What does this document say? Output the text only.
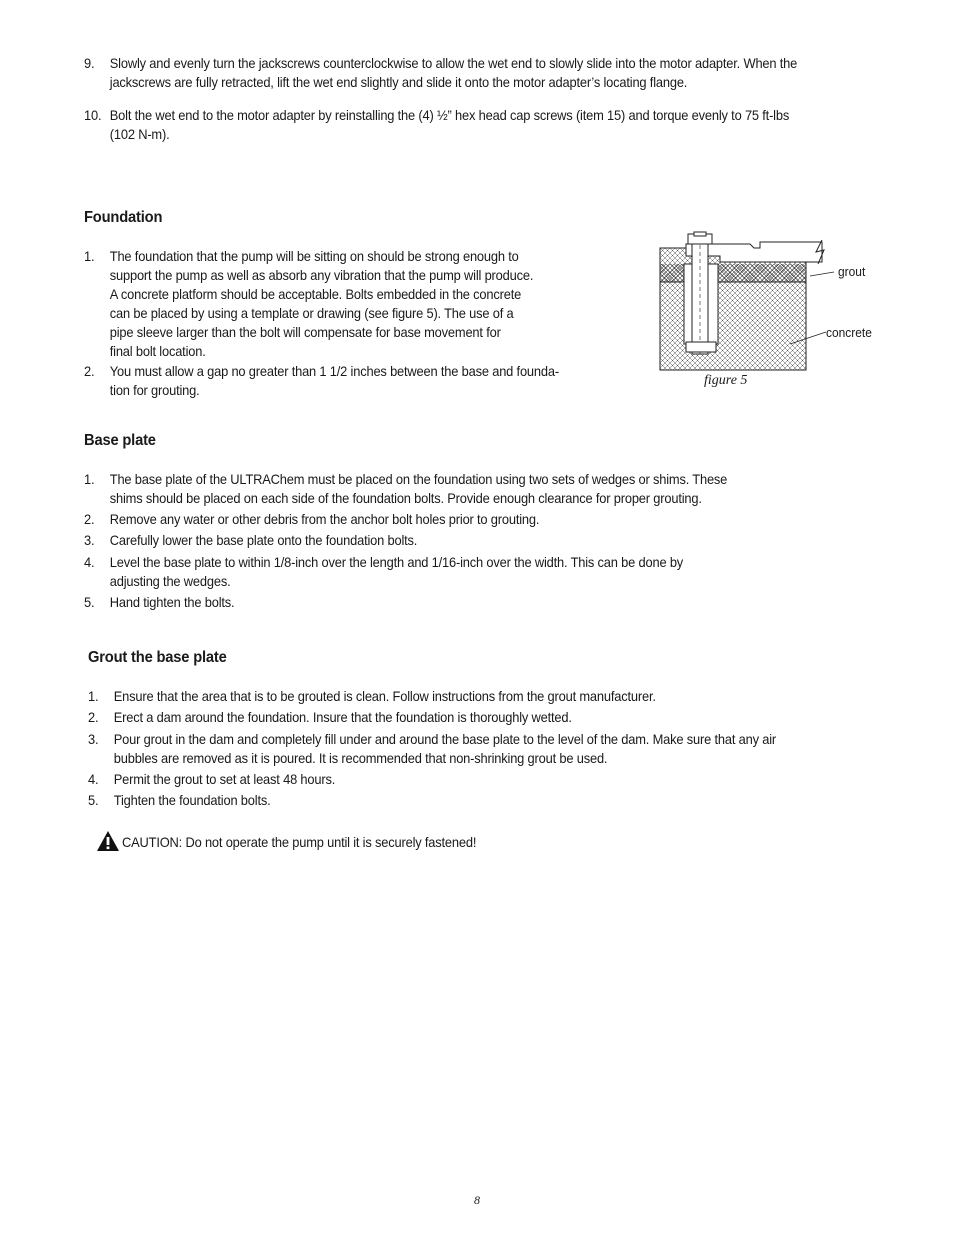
9. Slowly and evenly turn the jackscrews counterclockwise to allow the wet end to slowly slide into the motor adapter. When the
jackscrews are fully retracted, lift the wet end slightly and slide it onto the motor adapter’s locating flange.
10. Bolt the wet end to the motor adapter by reinstalling the (4) ½” hex head cap screws (item 15) and torque evenly to 75 ft-lbs
(102 N-m).
Foundation
1. The foundation that the pump will be sitting on should be strong enough to
support the pump as well as absorb any vibration that the pump will produce.
A concrete platform should be acceptable. Bolts embedded in the concrete
can be placed by using a template or drawing (see figure 5). The use of a
pipe sleeve larger than the bolt will compensate for base movement for
final bolt location.
2. You must allow a gap no greater than 1 1/2 inches between the base and founda-
tion for grouting.
grout
concrete
figure 5
Base plate
1. The base plate of the ULTRAChem must be placed on the foundation using two sets of wedges or shims. These
shims should be placed on each side of the foundation bolts. Provide enough clearance for proper grouting.
2. Remove any water or other debris from the anchor bolt holes prior to grouting.
3. Carefully lower the base plate onto the foundation bolts.
4. Level the base plate to within 1/8-inch over the length and 1/16-inch over the width. This can be done by
adjusting the wedges.
5. Hand tighten the bolts.
Grout the base plate
1. Ensure that the area that is to be grouted is clean. Follow instructions from the grout manufacturer.
2. Erect a dam around the foundation. Insure that the foundation is thoroughly wetted.
3. Pour grout in the dam and completely fill under and around the base plate to the level of the dam. Make sure that any air
bubbles are removed as it is poured. It is recommended that non-shrinking grout be used.
4. Permit the grout to set at least 48 hours.
5. Tighten the foundation bolts.
CAUTION: Do not operate the pump until it is securely fastened!
8
